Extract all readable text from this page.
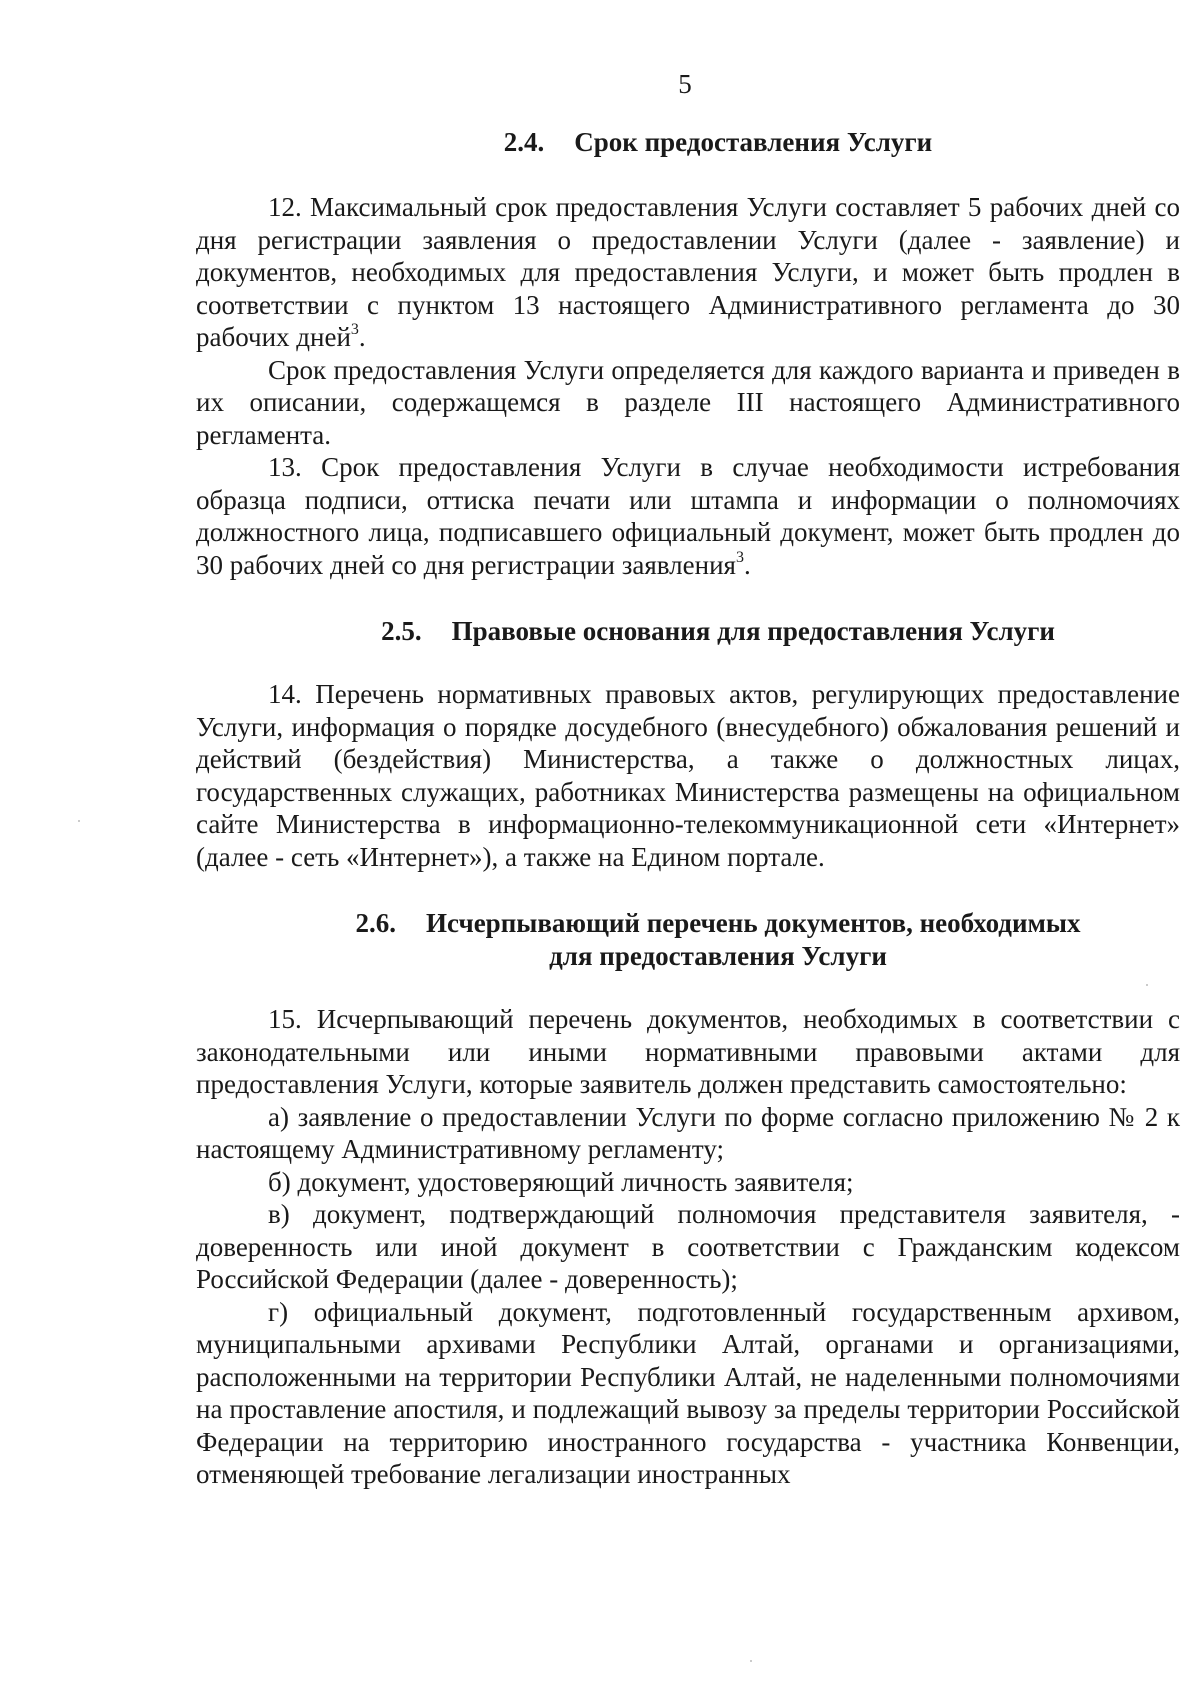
5
2.4. Срок предоставления Услуги

12. Максимальный срок предоставления Услуги составляет 5 рабочих дней со дня регистрации заявления о предоставлении Услуги (далее - заявление) и документов, необходимых для предоставления Услуги, и может быть продлен в соответствии с пунктом 13 настоящего Административного регламента до 30 рабочих дней$^3$.

Срок предоставления Услуги определяется для каждого варианта и приведен в их описании, содержащемся в разделе III настоящего Административного регламента.

13. Срок предоставления Услуги в случае необходимости истребования образца подписи, оттиска печати или штампа и информации о полномочиях должностного лица, подписавшего официальный документ, может быть продлен до 30 рабочих дней со дня регистрации заявления$^3$.

2.5. Правовые основания для предоставления Услуги

14. Перечень нормативных правовых актов, регулирующих предоставление Услуги, информация о порядке досудебного (внесудебного) обжалования решений и действий (бездействия) Министерства, а также о должностных лицах, государственных служащих, работниках Министерства размещены на официальном сайте Министерства в информационно-телекоммуникационной сети «Интернет» (далее - сеть «Интернет»), а также на Едином портале.

2.6. Исчерпывающий перечень документов, необходимых
для предоставления Услуги

15. Исчерпывающий перечень документов, необходимых в соответствии с законодательными или иными нормативными правовыми актами для предоставления Услуги, которые заявитель должен представить самостоятельно:

а) заявление о предоставлении Услуги по форме согласно приложению № 2 к настоящему Административному регламенту;

б) документ, удостоверяющий личность заявителя;

в) документ, подтверждающий полномочия представителя заявителя, - доверенность или иной документ в соответствии с Гражданским кодексом Российской Федерации (далее - доверенность);

г) официальный документ, подготовленный государственным архивом, муниципальными архивами Республики Алтай, органами и организациями, расположенными на территории Республики Алтай, не наделенными полномочиями на проставление апостиля, и подлежащий вывозу за пределы территории Российской Федерации на территорию иностранного государства - участника Конвенции, отменяющей требование легализации иностранных
